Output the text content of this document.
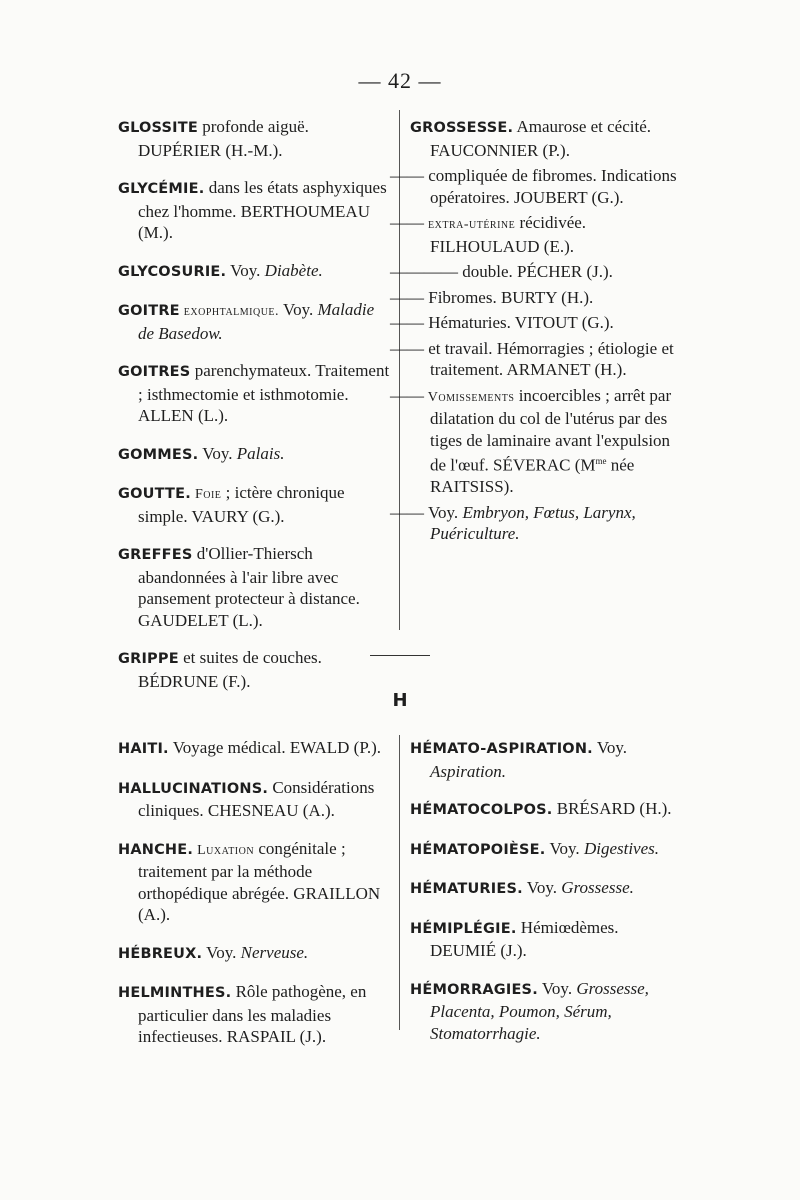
— 42 —

GLOSSITE profonde aiguë. DUPÉRIER (H.-M.).

GLYCÉMIE. dans les états asphyxiques chez l'homme. BERTHOUMEAU (M.).

GLYCOSURIE. Voy. Diabète.

GOITRE exophtalmique. Voy. Maladie de Basedow.

GOITRES parenchymateux. Traitement ; isthmectomie et isthmotomie. ALLEN (L.).

GOMMES. Voy. Palais.

GOUTTE. Foie ; ictère chronique simple. VAURY (G.).

GREFFES d'Ollier-Thiersch abandonnées à l'air libre avec pansement protecteur à distance. GAUDELET (L.).

GRIPPE et suites de couches. BÉDRUNE (F.).

GROSSESSE. Amaurose et cécité. FAUCONNIER (P.).

—— compliquée de fibromes. Indications opératoires. JOUBERT (G.).

—— extra-utérine récidivée. FILHOULAUD (E.).

———— double. PÉCHER (J.).

—— Fibromes. BURTY (H.).

—— Hématuries. VITOUT (G.).

—— et travail. Hémorragies ; étiologie et traitement. ARMANET (H.).

—— Vomissements incoercibles ; arrêt par dilatation du col de l'utérus par des tiges de laminaire avant l'expulsion de l'œuf. SÉVERAC ($M^{me}$ née RAITSISS).

—— Voy. Embryon, Fœtus, Larynx, Puériculture.

H

HAITI. Voyage médical. EWALD (P.).

HALLUCINATIONS. Considérations cliniques. CHESNEAU (A.).

HANCHE. Luxation congénitale ; traitement par la méthode orthopédique abrégée. GRAILLON (A.).

HÉBREUX. Voy. Nerveuse.

HELMINTHES. Rôle pathogène, en particulier dans les maladies infectieuses. RASPAIL (J.).

HÉMATO-ASPIRATION. Voy. Aspiration.

HÉMATOCOLPOS. BRÉSARD (H.).

HÉMATOPOIÈSE. Voy. Digestives.

HÉMATURIES. Voy. Grossesse.

HÉMIPLÉGIE. Hémiœdèmes. DEUMIÉ (J.).

HÉMORRAGIES. Voy. Grossesse, Placenta, Poumon, Sérum, Stomatorrhagie.
